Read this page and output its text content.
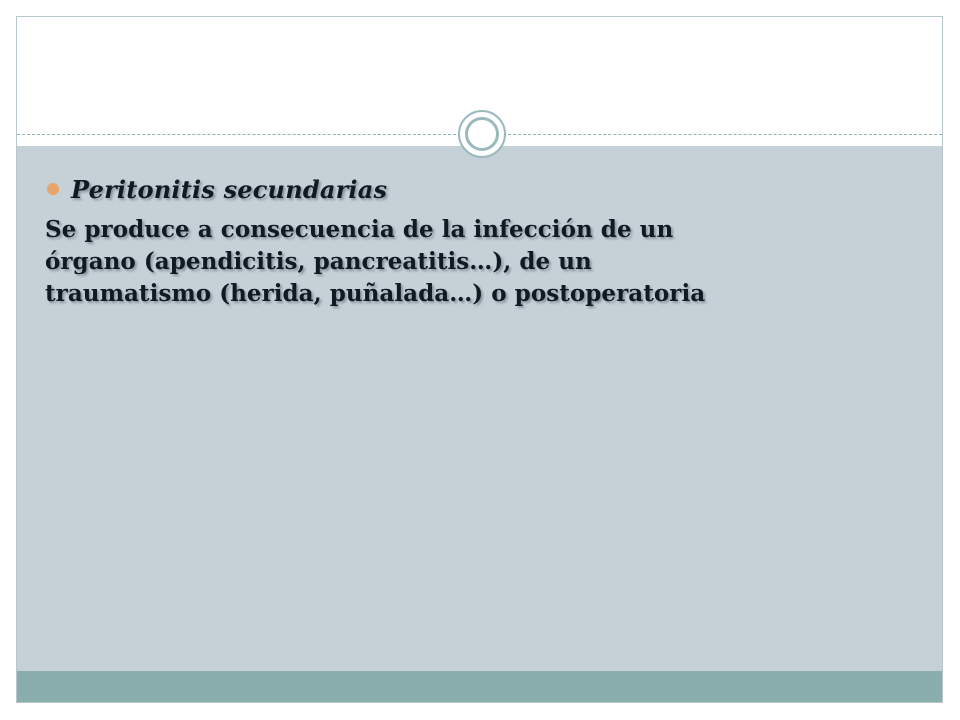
Peritonitis secundarias
Se produce a consecuencia de la infección de un
órgano (apendicitis, pancreatitis…), de un
traumatismo (herida, puñalada…) o postoperatoria
